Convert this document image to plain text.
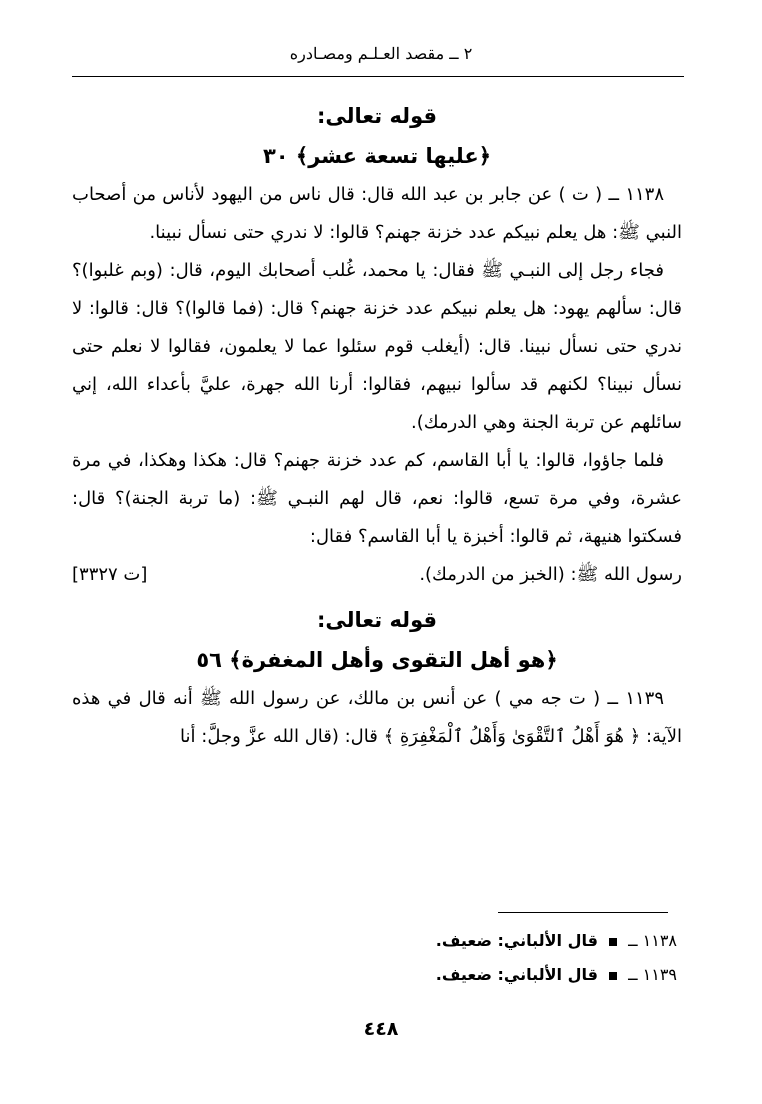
٢ ــ مقصد العـلـم ومصـادره

قوله تعالى:

﴿عليها تسعة عشر﴾ ٣٠

١١٣٨ ــ ( ت ) عن جابر بن عبد الله قال: قال ناس من اليهود لأناس من أصحاب النبي ﷺ: هل يعلم نبيكم عدد خزنة جهنم؟ قالوا: لا ندري حتى نسأل نبينا.

فجاء رجل إلى النبـي ﷺ فقال: يا محمد، غُلب أصحابك اليوم، قال: (وبم غلبوا)؟ قال: سألهم يهود: هل يعلم نبيكم عدد خزنة جهنم؟ قال: (فما قالوا)؟ قال: قالوا: لا ندري حتى نسأل نبينا. قال: (أيغلب قوم سئلوا عما لا يعلمون، فقالوا لا نعلم حتى نسأل نبينا؟ لكنهم قد سألوا نبيهم، فقالوا: أرنا الله جهرة، عليَّ بأعداء الله، إني سائلهم عن تربة الجنة وهي الدرمك).

فلما جاؤوا، قالوا: يا أبا القاسم، كم عدد خزنة جهنم؟ قال: هكذا وهكذا، في مرة عشرة، وفي مرة تسع، قالوا: نعم، قال لهم النبـي ﷺ: (ما تربة الجنة)؟ قال: فسكتوا هنيهة، ثم قالوا: أخبزة يا أبا القاسم؟ فقال:

رسول الله ﷺ: (الخبز من الدرمك).
[ت ٣٣٢٧]

قوله تعالى:

﴿هو أهل التقوى وأهل المغفرة﴾ ٥٦

١١٣٩ ــ ( ت جه مي ) عن أنس بن مالك، عن رسول الله ﷺ أنه قال في هذه الآية: ﴿ هُوَ أَهْلُ ٱلتَّقْوَىٰ وَأَهْلُ ٱلْمَغْفِرَةِ ﴾ قال: (قال الله عزَّ وجلَّ: أنا

١١٣٨ ــ  قال الألباني: ضعيف.

١١٣٩ ــ  قال الألباني: ضعيف.

٤٤٨
